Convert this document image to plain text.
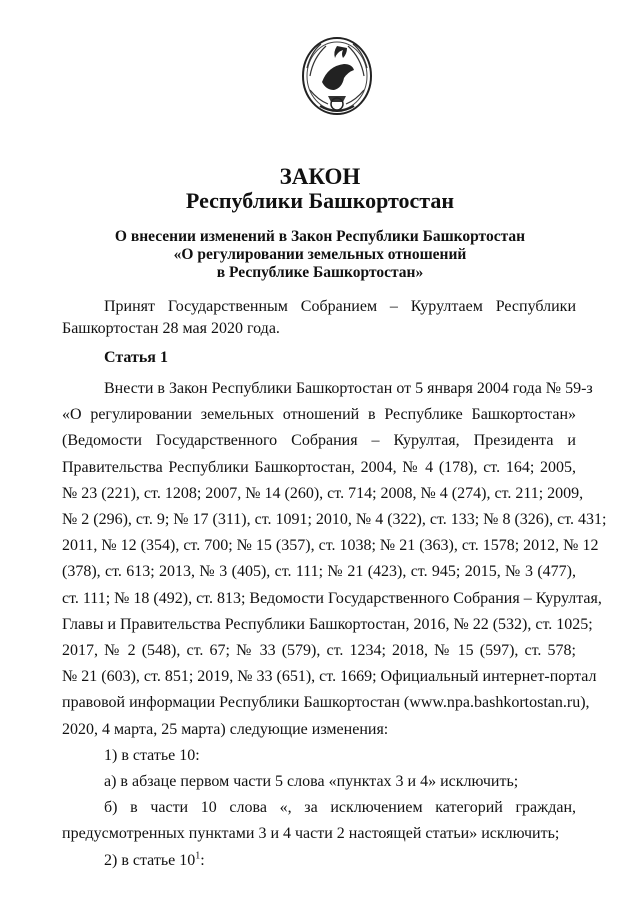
ЗАКОН
Республики Башкортостан
О внесении изменений в Закон Республики Башкортостан
«О регулировании земельных отношений
в Республике Башкортостан»
Принят Государственным Собранием – Курултаем Республики
Башкортостан 28 мая 2020 года.
Статья 1

Внести в Закон Республики Башкортостан от 5 января 2004 года № 59-з

«О регулировании земельных отношений в Республике Башкортостан»

(Ведомости Государственного Собрания – Курултая, Президента и

Правительства Республики Башкортостан, 2004, № 4 (178), ст. 164; 2005,

№ 23 (221), ст. 1208; 2007, № 14 (260), ст. 714; 2008, № 4 (274), ст. 211; 2009,

№ 2 (296), ст. 9; № 17 (311), ст. 1091; 2010, № 4 (322), ст. 133; № 8 (326), ст. 431;

2011, № 12 (354), ст. 700; № 15 (357), ст. 1038; № 21 (363), ст. 1578; 2012, № 12

(378), ст. 613; 2013, № 3 (405), ст. 111; № 21 (423), ст. 945; 2015, № 3 (477),

ст. 111; № 18 (492), ст. 813; Ведомости Государственного Собрания – Курултая,

Главы и Правительства Республики Башкортостан, 2016, № 22 (532), ст. 1025;

2017, № 2 (548), ст. 67; № 33 (579), ст. 1234; 2018, № 15 (597), ст. 578;

№ 21 (603), ст. 851; 2019, № 33 (651), ст. 1669; Официальный интернет-портал

правовой информации Республики Башкортостан (www.npa.bashkortostan.ru),

2020, 4 марта, 25 марта) следующие изменения:

1) в статье 10:

а) в абзаце первом части 5 слова «пунктах 3 и 4» исключить;

б) в части 10 слова «, за исключением категорий граждан,

предусмотренных пунктами 3 и 4 части 2 настоящей статьи» исключить;

2) в статье $10^1$:
